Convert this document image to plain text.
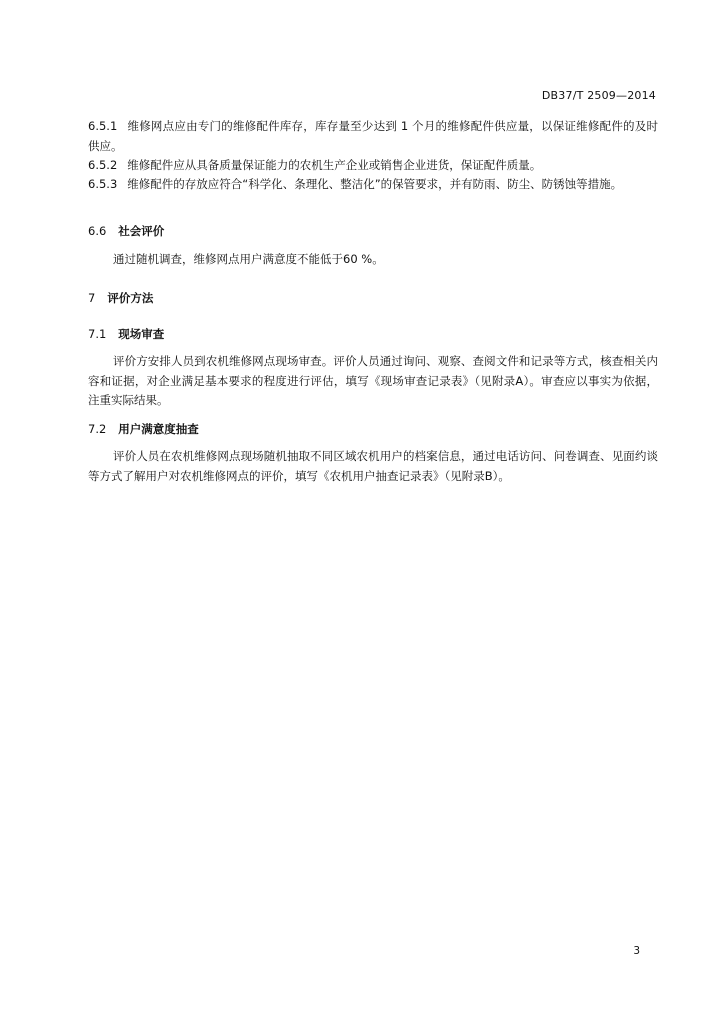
DB37/T 2509—2014

6.5.1 维修网点应由专门的维修配件库存，库存量至少达到 1 个月的维修配件供应量，以保证维修配件的及时供应。

6.5.2 维修配件应从具备质量保证能力的农机生产企业或销售企业进货，保证配件质量。

6.5.3 维修配件的存放应符合“科学化、条理化、整洁化”的保管要求，并有防雨、防尘、防锈蚀等措施。

6.6 社会评价

通过随机调查，维修网点用户满意度不能低于60 %。

7 评价方法
7.1 现场审查

评价方安排人员到农机维修网点现场审查。评价人员通过询问、观察、查阅文件和记录等方式，核查相关内容和证据，对企业满足基本要求的程度进行评估，填写《现场审查记录表》（见附录A）。审查应以事实为依据，注重实际结果。

7.2 用户满意度抽查

评价人员在农机维修网点现场随机抽取不同区域农机用户的档案信息，通过电话访问、问卷调查、见面约谈等方式了解用户对农机维修网点的评价，填写《农机用户抽查记录表》（见附录B）。

3
